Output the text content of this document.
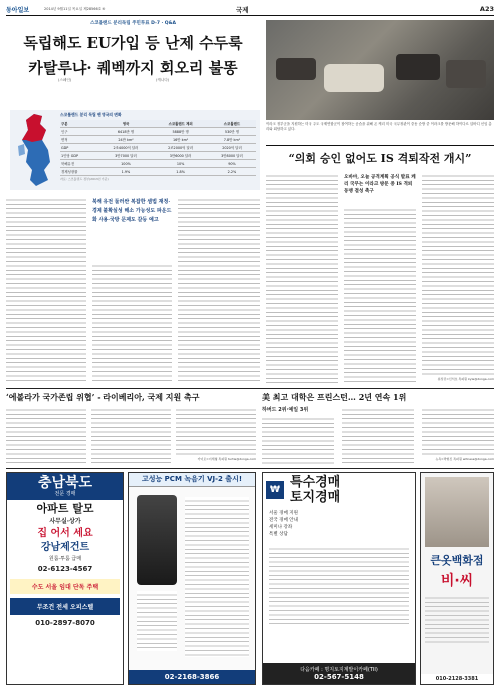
동아일보	2014년 9월11일 목요일 제28566호 ⑥	국제	A23
스코틀랜드 분리독립 주민투표 D-7 · Q&A
독립해도 EU가입 등 난제 수두룩
카탈루냐· 퀘벡까지 회오리 불똥
(스페인)	(캐나다)
스코틀랜드 분리 독립 땐 영국의 변화
구분	영국	스코틀랜드 제외	스코틀랜드
인구	6418만 명	5888만 명	530만 명
면적	24만 km²	16만 km²	7.8만 km²
GDP	2조4000억 달러	2조2000억 달러	2020억 달러
1인당 GDP	3만7000 달러	3만6000 달러	3만8000 달러
북해유전	100%	10%	90%
경제성장률	1.9%	1.8%	2.2%
자료: 스코틀랜드 정부(2013년 기준)
북해 유전 둘러싼 복잡한 셈법 재정·경제 불확실성 해소 가능성도 파운드화 사용·국방 문제도 갈등 예고
이라크 정부군을 지원하는 미국 주도 국제연합군이 참여하는 공습을 위해 존 케리 미국 국무장관이 중동 순방 중 이라크를 방문해 하이다르 압바디 신임 총리와 회담하고 있다.
“의회 승인 없어도 IS 격퇴작전 개시”
오바마, 오늘 공격계획 공식 발표 케리 국무는 이라크 방문 중 IS 격퇴 동맹 결성 촉구
워싱턴=신석호 특파원 kyle@donga.com
‘에볼라가 국가존립 위협’ - 라이베리아, 국제 지원 촉구
카이로=이세형 특파원 turtle@donga.com
美 최고 대학은 프린스턴… 2년 연속 1위
하버드 2위·예일 3위
뉴욕=박현진 특파원 witness@donga.com
충남북도
전문 경매
아파트 탈모
사무실·상가
집 어서 세요
강남제건트
원룸·투룸 급매
02-6123-4567
수도 서울 임대 단독 주택
무조건 전세 오피스텔
010-2897-8070
고성능 PCM 녹음기 VJ-2 출시!
02-2168-3866
₩ 특수경매
토지경매
서울 경매 지원
전국 경매 안내
세미나 강좌
특별 상담
다음카페 : 명지토지계발이카페(TII)
02-567-5148
큰옷백화점
비·씨
010-2128-3381
